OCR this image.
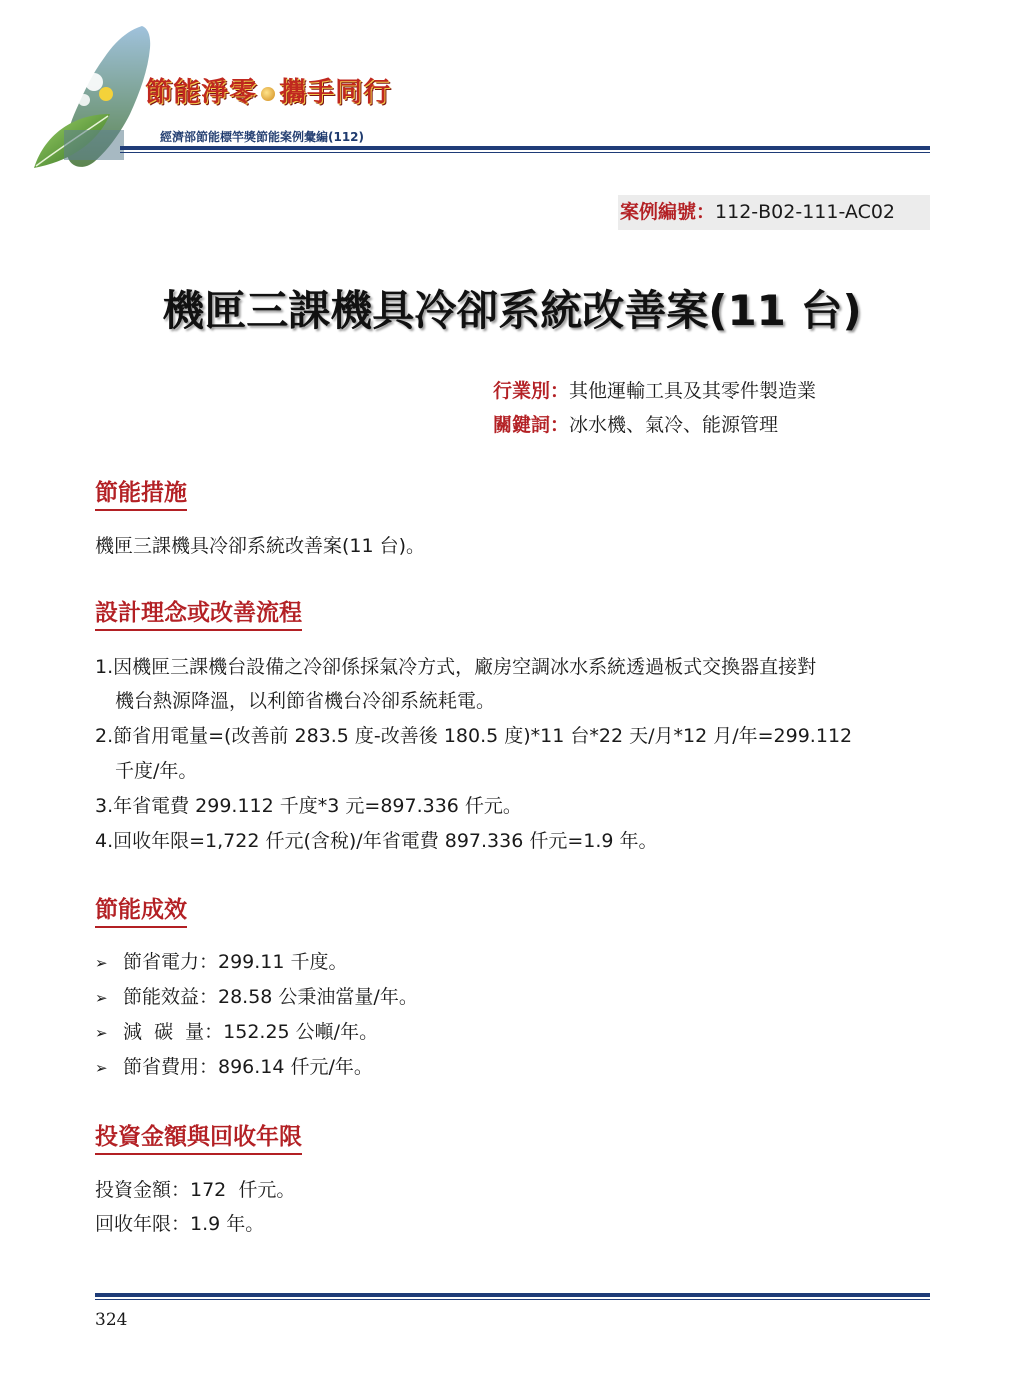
節能淨零 攜手同行
經濟部節能標竿獎節能案例彙編(112)
案例編號：112-B02-111-AC02
機匣三課機具冷卻系統改善案(11 台)
行業別：其他運輸工具及其零件製造業
關鍵詞：冰水機、氣冷、能源管理
節能措施
機匣三課機具冷卻系統改善案(11 台)。
設計理念或改善流程
1.因機匣三課機台設備之冷卻係採氣冷方式，廠房空調冰水系統透過板式交換器直接對
機台熱源降溫，以利節省機台冷卻系統耗電。
2.節省用電量=(改善前 283.5 度-改善後 180.5 度)*11 台*22 天/月*12 月/年=299.112
千度/年。
3.年省電費 299.112 千度*3 元=897.336 仟元。
4.回收年限=1,722 仟元(含稅)/年省電費 897.336 仟元=1.9 年。
節能成效
➢ 節省電力：299.11 千度。
➢ 節能效益：28.58 公秉油當量/年。
➢ 減  碳  量：152.25 公噸/年。
➢ 節省費用：896.14 仟元/年。
投資金額與回收年限
投資金額：172  仟元。
回收年限：1.9 年。
324
